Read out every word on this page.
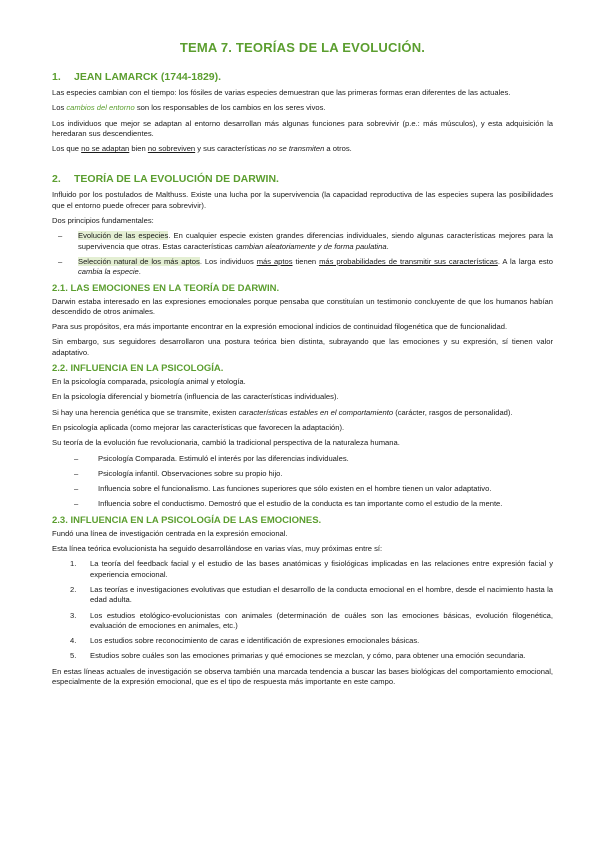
TEMA 7. TEORÍAS DE LA EVOLUCIÓN.
1. JEAN LAMARCK (1744-1829).

Las especies cambian con el tiempo: los fósiles de varias especies demuestran que las primeras formas eran diferentes de las actuales.

Los cambios del entorno son los responsables de los cambios en los seres vivos.

Los individuos que mejor se adaptan al entorno desarrollan más algunas funciones para sobrevivir (p.e.: más músculos), y esta adquisición la heredaran sus descendientes.

Los que no se adaptan bien no sobreviven y sus características no se transmiten a otros.

2. TEORÍA DE LA EVOLUCIÓN DE DARWIN.

Influido por los postulados de Malthuss. Existe una lucha por la supervivencia (la capacidad reproductiva de las especies supera las posibilidades que el entorno puede ofrecer para sobrevivir).

Dos principios fundamentales:

– Evolución de las especies. En cualquier especie existen grandes diferencias individuales, siendo algunas características mejores para la supervivencia que otras. Estas características cambian aleatoriamente y de forma paulatina.
– Selección natural de los más aptos. Los individuos más aptos tienen más probabilidades de transmitir sus características. A la larga esto cambia la especie.
2.1. LAS EMOCIONES EN LA TEORÍA DE DARWIN.

Darwin estaba interesado en las expresiones emocionales porque pensaba que constituían un testimonio concluyente de que los humanos habían descendido de otros animales.

Para sus propósitos, era más importante encontrar en la expresión emocional indicios de continuidad filogenética que de funcionalidad.

Sin embargo, sus seguidores desarrollaron una postura teórica bien distinta, subrayando que las emociones y su expresión, sí tienen valor adaptativo.

2.2. INFLUENCIA EN LA PSICOLOGÍA.

En la psicología comparada, psicología animal y etología.

En la psicología diferencial y biometría (influencia de las características individuales).

Si hay una herencia genética que se transmite, existen características estables en el comportamiento (carácter, rasgos de personalidad).

En psicología aplicada (como mejorar las características que favorecen la adaptación).

Su teoría de la evolución fue revolucionaria, cambió la tradicional perspectiva de la naturaleza humana.

– Psicología Comparada. Estimuló el interés por las diferencias individuales.
– Psicología infantil. Observaciones sobre su propio hijo.
– Influencia sobre el funcionalismo. Las funciones superiores que sólo existen en el hombre tienen un valor adaptativo.
– Influencia sobre el conductismo. Demostró que el estudio de la conducta es tan importante como el estudio de la mente.
2.3. INFLUENCIA EN LA PSICOLOGÍA DE LAS EMOCIONES.

Fundó una línea de investigación centrada en la expresión emocional.

Esta línea teórica evolucionista ha seguido desarrollándose en varias vías, muy próximas entre sí:

1. La teoría del feedback facial y el estudio de las bases anatómicas y fisiológicas implicadas en las relaciones entre expresión facial y experiencia emocional.
2. Las teorías e investigaciones evolutivas que estudian el desarrollo de la conducta emocional en el hombre, desde el nacimiento hasta la edad adulta.
3. Los estudios etológico-evolucionistas con animales (determinación de cuáles son las emociones básicas, evolución filogenética, evaluación de emociones en animales, etc.)
4. Los estudios sobre reconocimiento de caras e identificación de expresiones emocionales básicas.
5. Estudios sobre cuáles son las emociones primarias y qué emociones se mezclan, y cómo, para obtener una emoción secundaria.

En estas líneas actuales de investigación se observa también una marcada tendencia a buscar las bases biológicas del comportamiento emocional, especialmente de la expresión emocional, que es el tipo de respuesta más importante en este campo.
